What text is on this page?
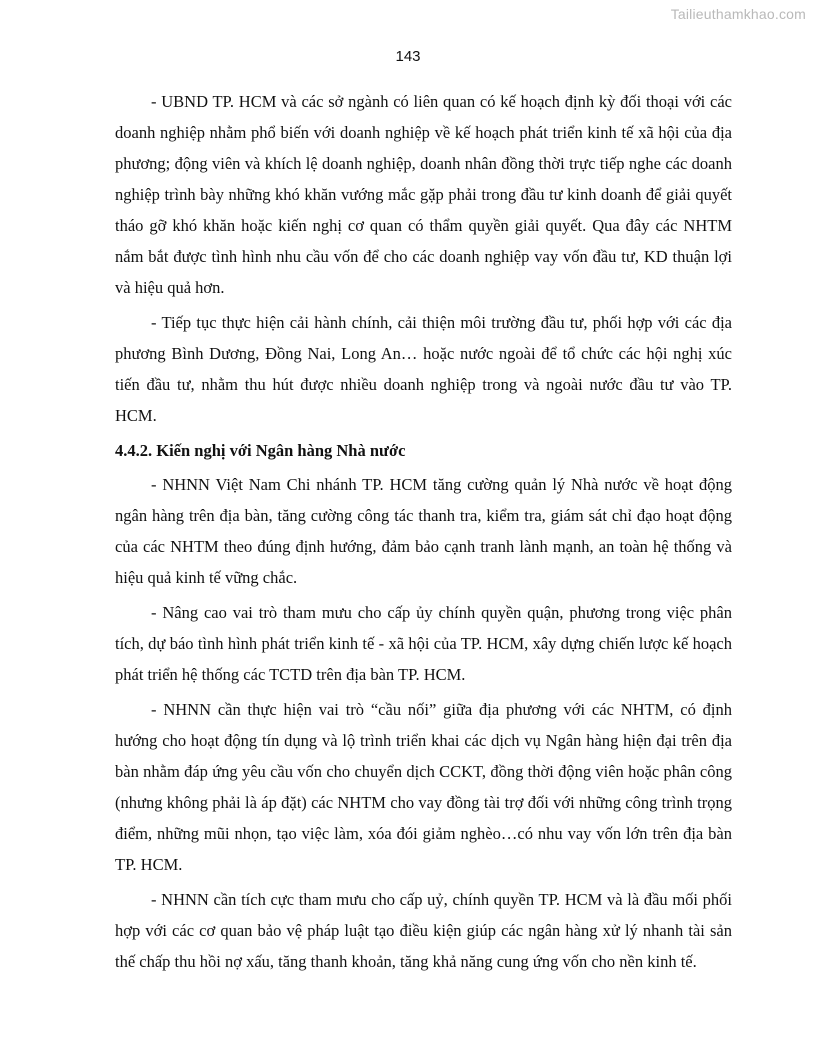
Tailieuthamkhao.com
143

- UBND TP. HCM và các sở ngành có liên quan có kế hoạch định kỳ đối thoại với các doanh nghiệp nhằm phổ biến với doanh nghiệp về kế hoạch phát triển kinh tế xã hội của địa phương; động viên và khích lệ doanh nghiệp, doanh nhân đồng thời trực tiếp nghe các doanh nghiệp trình bày những khó khăn vướng mắc gặp phải trong đầu tư kinh doanh để giải quyết tháo gỡ khó khăn hoặc kiến nghị cơ quan có thẩm quyền giải quyết. Qua đây các NHTM nắm bắt được tình hình nhu cầu vốn để cho các doanh nghiệp vay vốn đầu tư, KD thuận lợi và hiệu quả hơn.

- Tiếp tục thực hiện cải hành chính, cải thiện môi trường đầu tư, phối hợp với các địa phương Bình Dương, Đồng Nai, Long An… hoặc nước ngoài để tổ chức các hội nghị xúc tiến đầu tư, nhằm thu hút được nhiều doanh nghiệp trong và ngoài nước đầu tư vào TP. HCM.

4.4.2. Kiến nghị với Ngân hàng Nhà nước

- NHNN Việt Nam Chi nhánh TP. HCM tăng cường quản lý Nhà nước về hoạt động ngân hàng trên địa bàn, tăng cường công tác thanh tra, kiểm tra, giám sát chỉ đạo hoạt động của các NHTM theo đúng định hướng, đảm bảo cạnh tranh lành mạnh, an toàn hệ thống và hiệu quả kinh tế vững chắc.

- Nâng cao vai trò tham mưu cho cấp ủy chính quyền quận, phương trong việc phân tích, dự báo tình hình phát triển kinh tế - xã hội của TP. HCM, xây dựng chiến lược kế hoạch phát triển hệ thống các TCTD trên địa bàn TP. HCM.

- NHNN cần thực hiện vai trò “cầu nối” giữa địa phương với các NHTM, có định hướng cho hoạt động tín dụng và lộ trình triển khai các dịch vụ Ngân hàng hiện đại trên địa bàn nhằm đáp ứng yêu cầu vốn cho chuyển dịch CCKT, đồng thời động viên hoặc phân công (nhưng không phải là áp đặt) các NHTM cho vay đồng tài trợ đối với những công trình trọng điểm, những mũi nhọn, tạo việc làm, xóa đói giảm nghèo…có nhu vay vốn lớn trên địa bàn TP. HCM.

- NHNN cần tích cực tham mưu cho cấp uỷ, chính quyền TP. HCM và là đầu mối phối hợp với các cơ quan bảo vệ pháp luật tạo điều kiện giúp các ngân hàng xử lý nhanh tài sản thế chấp thu hồi nợ xấu, tăng thanh khoản, tăng khả năng cung ứng vốn cho nền kinh tế.
